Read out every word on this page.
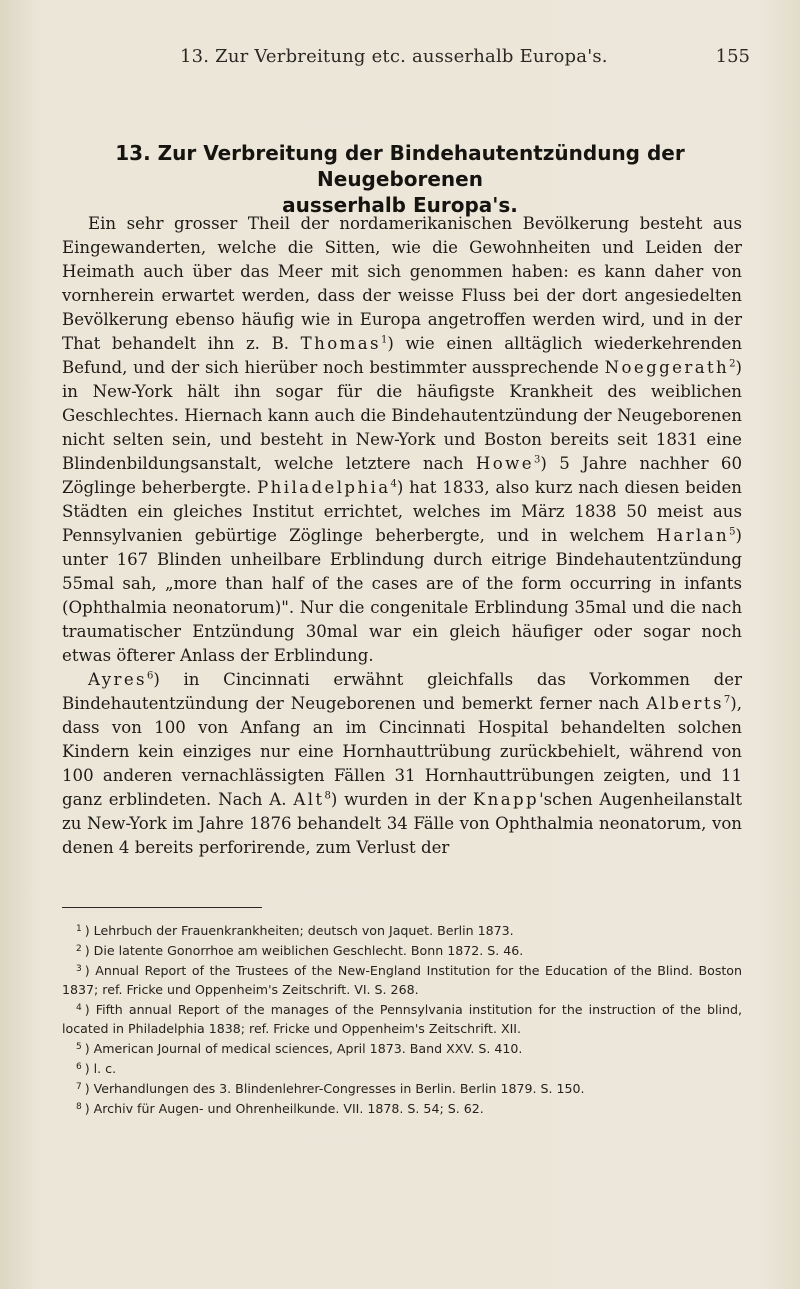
13. Zur Verbreitung etc. ausserhalb Europa's.	155
13. Zur Verbreitung der Bindehautentzündung der Neugeborenen
ausserhalb Europa's.

Ein sehr grosser Theil der nordamerikanischen Bevölkerung besteht aus Eingewanderten, welche die Sitten, wie die Gewohnheiten und Leiden der Heimath auch über das Meer mit sich genommen haben: es kann daher von vornherein erwartet werden, dass der weisse Fluss bei der dort angesiedelten Bevölkerung ebenso häufig wie in Europa angetroffen werden wird, und in der That behandelt ihn z. B. Thomas$^1$) wie einen alltäglich wiederkehrenden Befund, und der sich hierüber noch bestimmter aussprechende Noeggerath$^2$) in New-York hält ihn sogar für die häufigste Krankheit des weiblichen Geschlechtes. Hiernach kann auch die Bindehautentzündung der Neugeborenen nicht selten sein, und besteht in New-York und Boston bereits seit 1831 eine Blindenbildungsanstalt, welche letztere nach Howe$^3$) 5 Jahre nachher 60 Zöglinge beherbergte. Philadelphia$^4$) hat 1833, also kurz nach diesen beiden Städten ein gleiches Institut errichtet, welches im März 1838 50 meist aus Pennsylvanien gebürtige Zöglinge beherbergte, und in welchem Harlan$^5$) unter 167 Blinden unheilbare Erblindung durch eitrige Bindehautentzündung 55mal sah, „more than half of the cases are of the form occurring in infants (Ophthalmia neonatorum)". Nur die congenitale Erblindung 35mal und die nach traumatischer Entzündung 30mal war ein gleich häufiger oder sogar noch etwas öfterer Anlass der Erblindung.

Ayres$^6$) in Cincinnati erwähnt gleichfalls das Vorkommen der Bindehautentzündung der Neugeborenen und bemerkt ferner nach Alberts$^7$), dass von 100 von Anfang an im Cincinnati Hospital behandelten solchen Kindern kein einziges nur eine Hornhauttrübung zurückbehielt, während von 100 anderen vernachlässigten Fällen 31 Hornhauttrübungen zeigten, und 11 ganz erblindeten. Nach A. Alt$^8$) wurden in der Knapp'schen Augenheilanstalt zu New-York im Jahre 1876 behandelt 34 Fälle von Ophthalmia neonatorum, von denen 4 bereits perforirende, zum Verlust der

$^1$ ) Lehrbuch der Frauenkrankheiten; deutsch von Jaquet. Berlin 1873.

$^2$ ) Die latente Gonorrhoe am weiblichen Geschlecht. Bonn 1872. S. 46.

$^3$ ) Annual Report of the Trustees of the New-England Institution for the Education of the Blind. Boston 1837; ref. Fricke und Oppenheim's Zeitschrift. VI. S. 268.

$^4$ ) Fifth annual Report of the manages of the Pennsylvania institution for the instruction of the blind, located in Philadelphia 1838; ref. Fricke und Oppenheim's Zeitschrift. XII.

$^5$ ) American Journal of medical sciences, April 1873. Band XXV. S. 410.

$^6$ ) l. c.

$^7$ ) Verhandlungen des 3. Blindenlehrer-Congresses in Berlin. Berlin 1879. S. 150.

$^8$ ) Archiv für Augen- und Ohrenheilkunde. VII. 1878. S. 54; S. 62.
